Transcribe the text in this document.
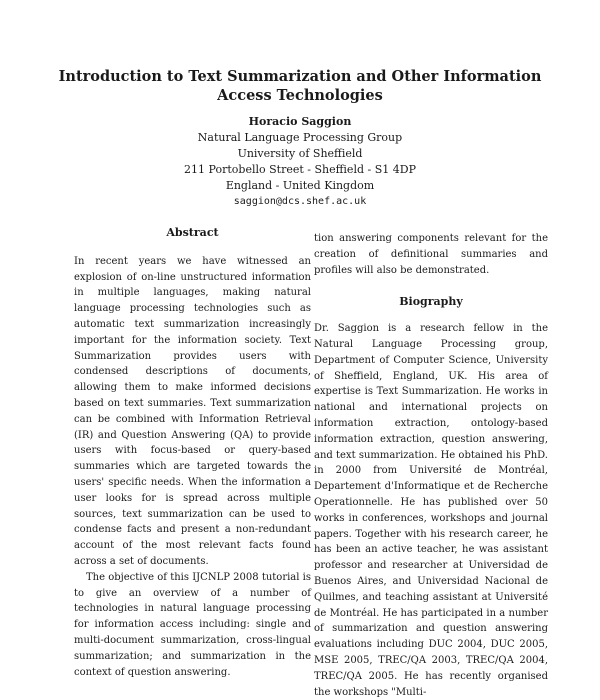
Introduction to Text Summarization and Other Information
Access Technologies
Horacio Saggion
Natural Language Processing Group
University of Sheffield
211 Portobello Street - Sheffield - S1 4DP
England - United Kingdom
saggion@dcs.shef.ac.uk
Abstract

In recent years we have witnessed an explosion of on-line unstructured information in multiple languages, making natural language processing technologies such as automatic text summarization increasingly important for the information society. Text Summarization provides users with condensed descriptions of documents, allowing them to make informed decisions based on text summaries. Text summarization can be combined with Information Retrieval (IR) and Question Answering (QA) to provide users with focus-based or query-based summaries which are targeted towards the users' specific needs. When the information a user looks for is spread across multiple sources, text summarization can be used to condense facts and present a non-redundant account of the most relevant facts found across a set of documents.

The objective of this IJCNLP 2008 tutorial is to give an overview of a number of technologies in natural language processing for information access including: single and multi-document summarization, cross-lingual summarization; and summarization in the context of question answering.

tion answering components relevant for the creation of definitional summaries and profiles will also be demonstrated.

Biography

Dr. Saggion is a research fellow in the Natural Language Processing group, Department of Computer Science, University of Sheffield, England, UK. His area of expertise is Text Summarization. He works in national and international projects on information extraction, ontology-based information extraction, question answering, and text summarization. He obtained his PhD. in 2000 from Université de Montréal, Departement d'Informatique et de Recherche Operationnelle. He has published over 50 works in conferences, workshops and journal papers. Together with his research career, he has been an active teacher, he was assistant professor and researcher at Universidad de Buenos Aires, and Universidad Nacional de Quilmes, and teaching assistant at Université de Montréal. He has participated in a number of summarization and question answering evaluations including DUC 2004, DUC 2005, MSE 2005, TREC/QA 2003, TREC/QA 2004, TREC/QA 2005. He has recently organised the workshops "Multi-
